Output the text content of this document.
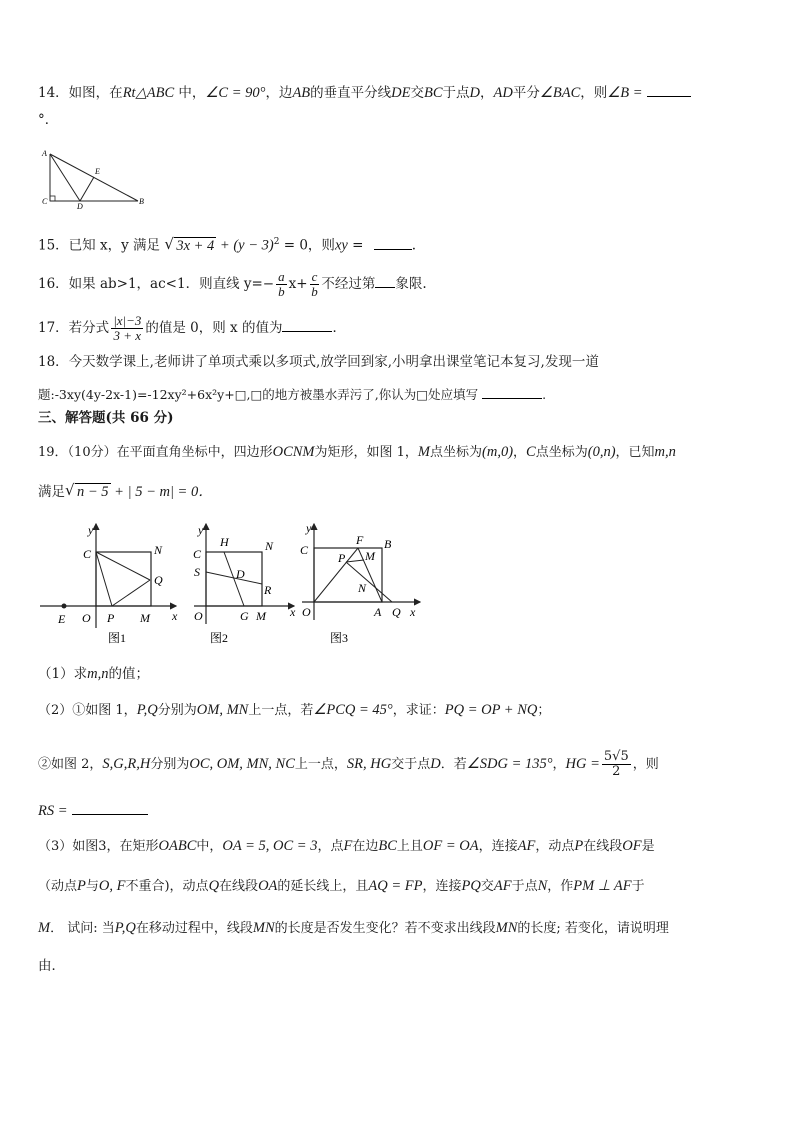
14．如图，在Rt△ABC 中，∠C = 90°，边AB的垂直平分线DE交BC于点D，AD平分∠BAC，则∠B =
°．
A
E
C
D
B
15．已知 x，y 满足 √ $3x + 4 + (y - 3)^2 = 0$，则xy =	.
16．如果 ab>1，ac<1．则直线 $y=- \frac{a}{b} x+ \frac{c}{b}$ 不经过第 象限.
17．若分式 $\frac{|x|-3}{3 + x}$ 的值是 0，则 x 的值为	．
18．今天数学课上,老师讲了单项式乘以多项式,放学回到家,小明拿出课堂笔记本复习,发现一道
题:-3xy(4y-2x-1)=-12xy²+6x²y+□,□的地方被墨水弄污了,你认为□处应填写	.
三、解答题(共 66 分)
19．（10分）在平面直角坐标中，四边形OCNM为矩形，如图 1，M点坐标为(m,0)，C点坐标为(0,n)，已知m,n
满足 √ n − 5 + | 5 − m| = 0．
y
C	N
Q
E O P M x
图1
y
C
H	N
S	D
R
O	G M x
图2
y
C
F B
P M
N
O	A Q x
图3
（1）求m,n的值；
（2）①如图 1，P,Q分别为OM, MN上一点，若∠PCQ = 45°，求证：PQ = OP + NQ；
②如图 2，S,G,R,H分别为OC, OM, MN, NC上一点，SR, HG交于点D．若∠SDG = 135°，HG = $\frac{5√5}{2}$ ，则
RS =
（3）如图3，在矩形OABC中，OA = 5, OC = 3，点F在边BC上且OF = OA，连接AF，动点P在线段OF是
（动点P与O, F不重合)，动点Q在线段OA的延长线上，且AQ = FP，连接PQ交AF于点N，作PM ⊥ AF于
M． 试问: 当P,Q在移动过程中，线段MN的长度是否发生变化？若不变求出线段MN的长度; 若变化，请说明理
由．
